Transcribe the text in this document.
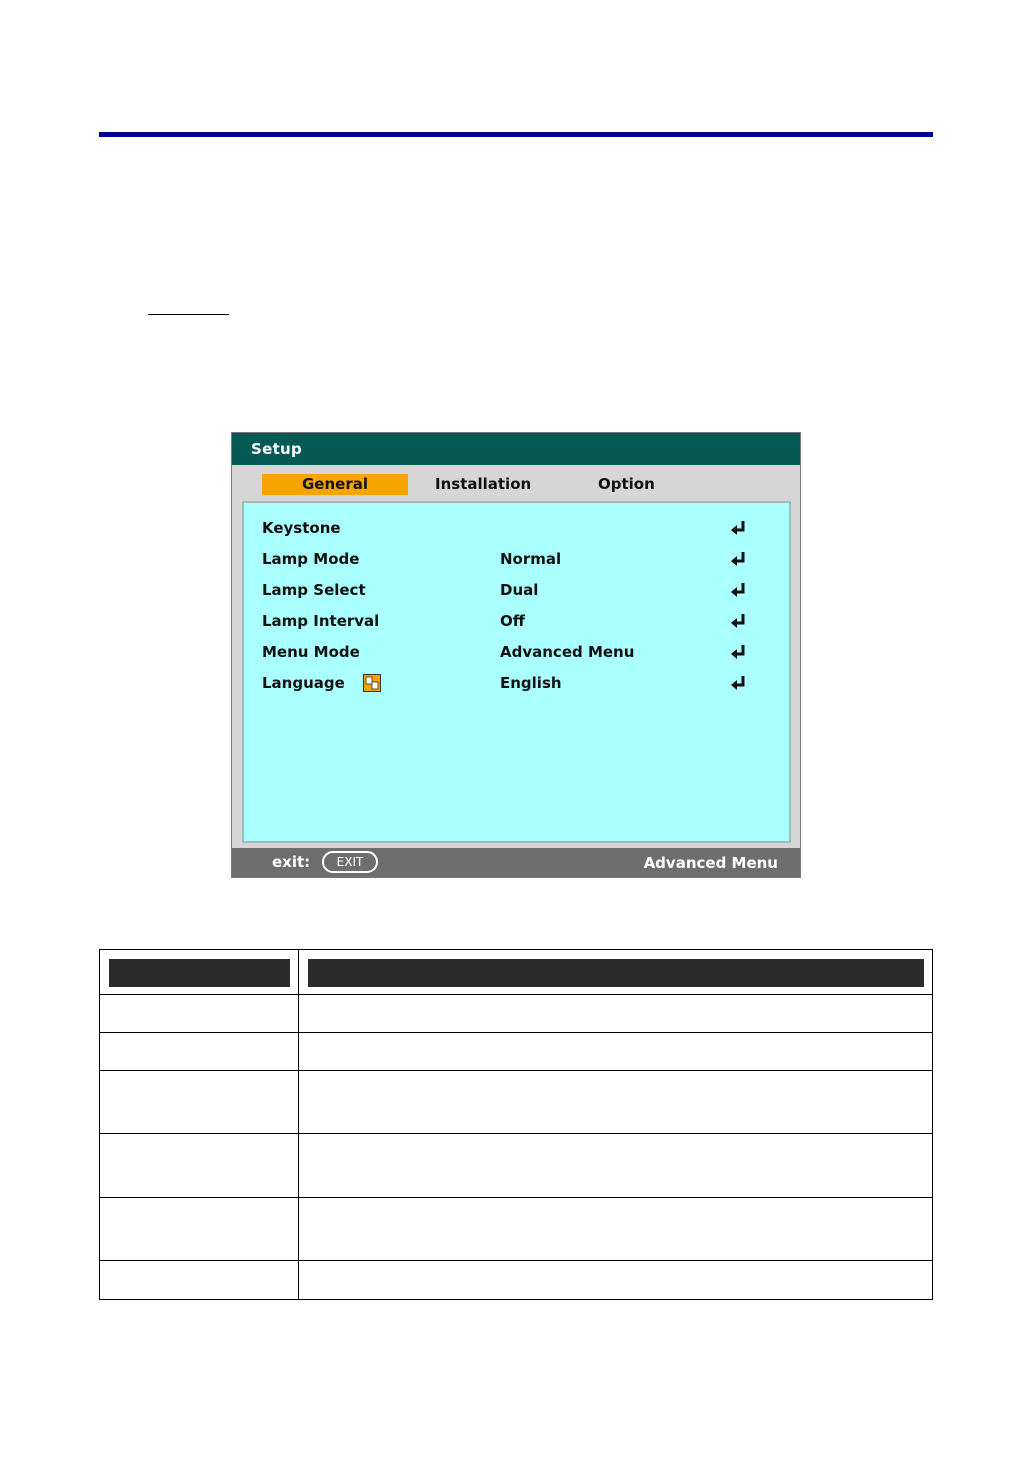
Setup
General	Installation	Option
Keystone
Lamp Mode	Normal
Lamp Select	Dual
Lamp Interval	Off
Menu Mode	Advanced Menu
Language	English
exit:	EXIT	Advanced Menu
